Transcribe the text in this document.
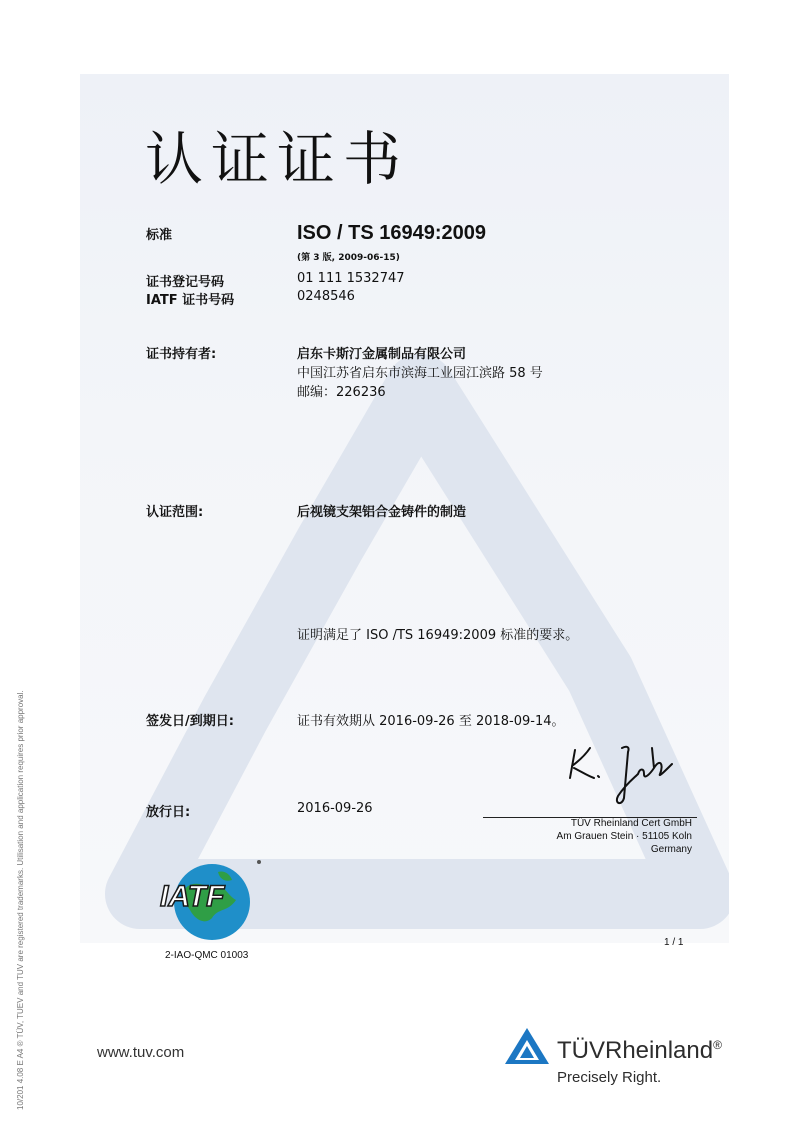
认证证书
标准	ISO / TS 16949:2009
(第 3 版, 2009-06-15)
证书登记号码	01 111 1532747
IATF 证书号码	0248546
证书持有者:	启东卡斯汀金属制品有限公司
中国江苏省启东市滨海工业园江滨路 58 号
邮编：226236
认证范围:	后视镜支架铝合金铸件的制造
证明满足了 ISO /TS 16949:2009 标准的要求。
签发日/到期日:	证书有效期从 2016-09-26 至 2018-09-14。
K. Jiegl
放行日:	2016-09-26
TÜV Rheinland Cert GmbH
Am Grauen Stein · 51105 Koln
Germany
IATF
2-IAO-QMC 01003
1 / 1
10/201 4.08 E A4 ® TÜV, TUEV and TUV are registered trademarks. Utilisation and application requires prior approval.	www.tuv.com	TÜVRheinland®
Precisely Right.
